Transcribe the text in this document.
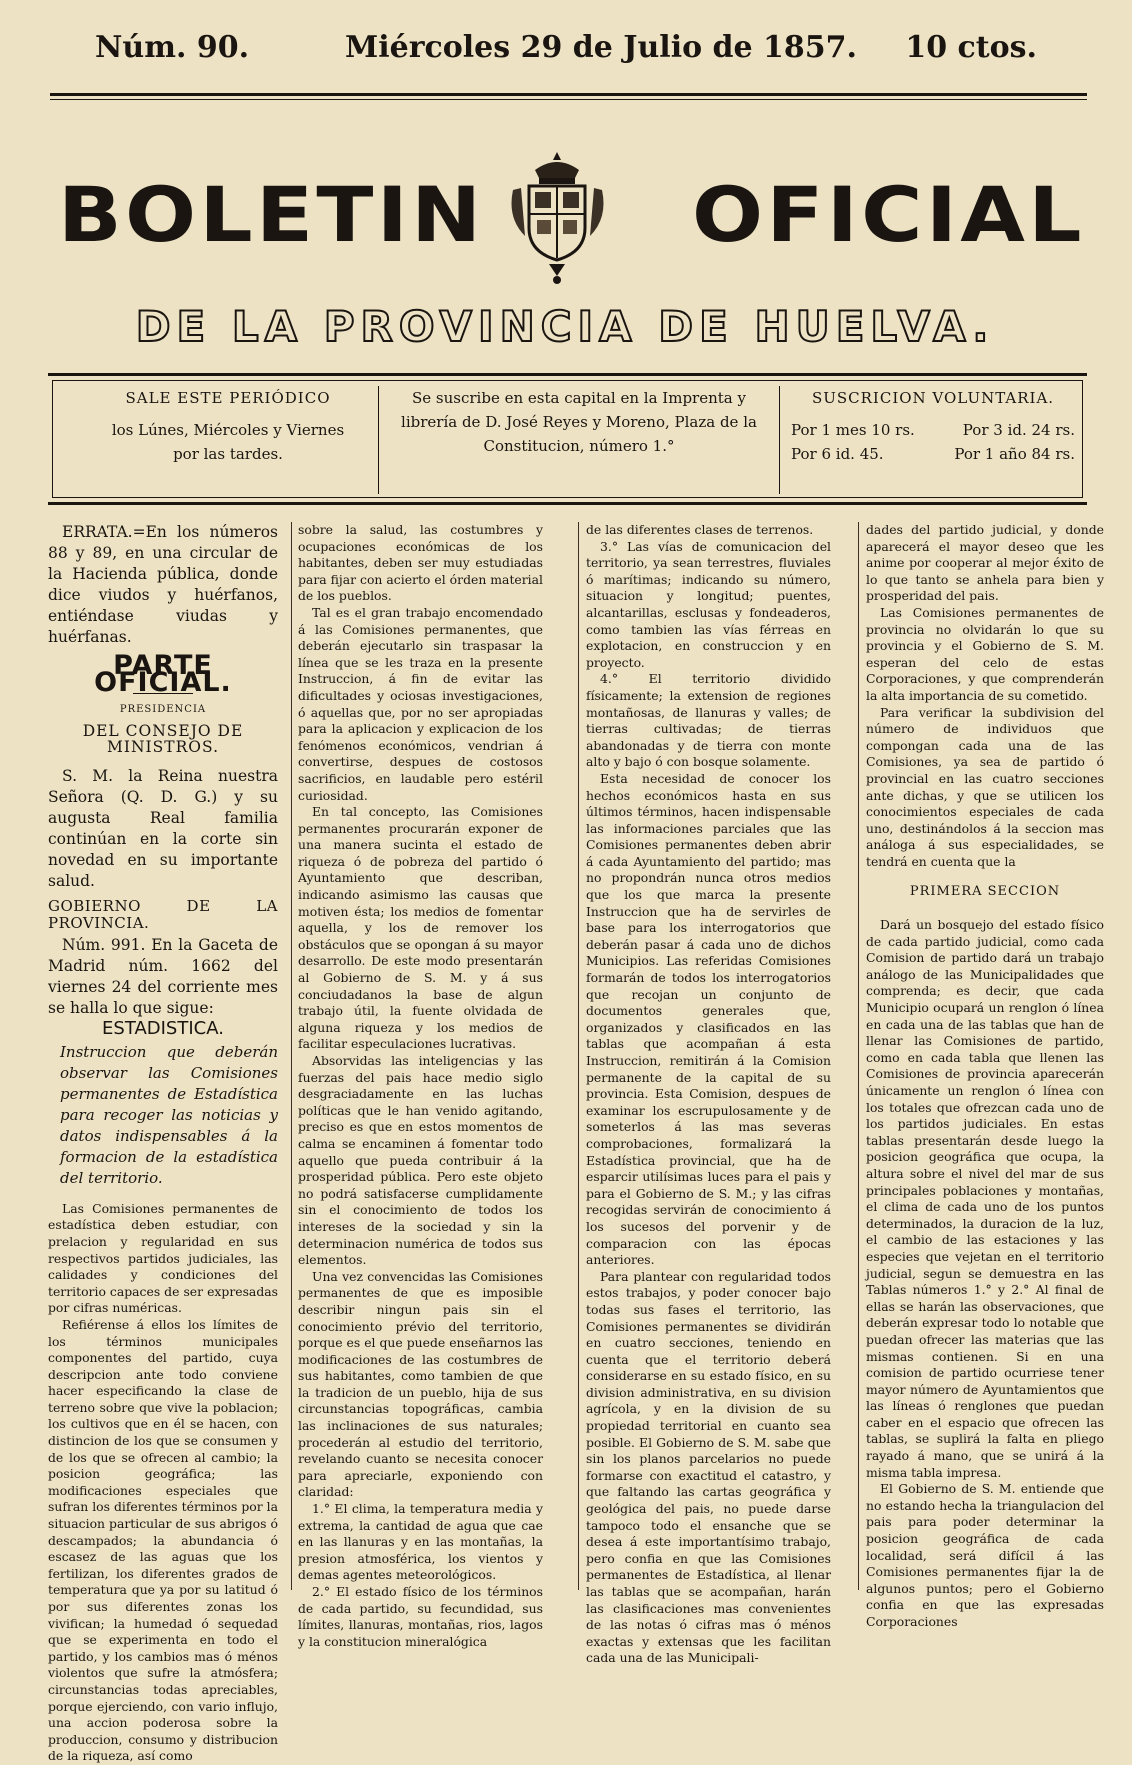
Núm. 90.	Miércoles 29 de Julio de 1857. 10 ctos.
BOLETIN	OFICIAL
DE LA PROVINCIA DE HUELVA.
SALE ESTE PERIÓDICO
los Lúnes, Miércoles y Viernes por las tardes.
Se suscribe en esta capital en la Imprenta y librería de D. José Reyes y Moreno, Plaza de la Constitucion, número 1.°
SUSCRICION VOLUNTARIA.
Por 1 mes 10 rs.	Por 3 id. 24 rs.
Por 6 id. 45.	Por 1 año 84 rs.

ERRATA.=En los números 88 y 89, en una circular de la Hacienda pública, donde dice viudos y huérfanos, entiéndase viudas y huérfanas.

PARTE OFICIAL.
PRESIDENCIA
DEL CONSEJO DE MINISTROS.

S. M. la Reina nuestra Señora (Q. D. G.) y su augusta Real familia continúan en la corte sin novedad en su importante salud.

GOBIERNO DE LA PROVINCIA.

Núm. 991. En la Gaceta de Madrid núm. 1662 del viernes 24 del corriente mes se halla lo que sigue:

ESTADISTICA.

Instruccion que deberán observar las Comisiones permanentes de Estadística para recoger las noticias y datos indispensables á la formacion de la estadística del territorio.

Las Comisiones permanentes de estadística deben estudiar, con prelacion y regularidad en sus respectivos partidos judiciales, las calidades y condiciones del territorio capaces de ser expresadas por cifras numéricas.

Refiérense á ellos los límites de los términos municipales componentes del partido, cuya descripcion ante todo conviene hacer especificando la clase de terreno sobre que vive la poblacion; los cultivos que en él se hacen, con distincion de los que se consumen y de los que se ofrecen al cambio; la posicion geográfica; las modificaciones especiales que sufran los diferentes términos por la situacion particular de sus abrigos ó descampados; la abundancia ó escasez de las aguas que los fertilizan, los diferentes grados de temperatura que ya por su latitud ó por sus diferentes zonas los vivifican; la humedad ó sequedad que se experimenta en todo el partido, y los cambios mas ó ménos violentos que sufre la atmósfera; circunstancias todas apreciables, porque ejerciendo, con vario influjo, una accion poderosa sobre la produccion, consumo y distribucion de la riqueza, así como

sobre la salud, las costumbres y ocupaciones económicas de los habitantes, deben ser muy estudiadas para fijar con acierto el órden material de los pueblos.

Tal es el gran trabajo encomendado á las Comisiones permanentes, que deberán ejecutarlo sin traspasar la línea que se les traza en la presente Instruccion, á fin de evitar las dificultades y ociosas investigaciones, ó aquellas que, por no ser apropiadas para la aplicacion y explicacion de los fenómenos económicos, vendrian á convertirse, despues de costosos sacrificios, en laudable pero estéril curiosidad.

En tal concepto, las Comisiones permanentes procurarán exponer de una manera sucinta el estado de riqueza ó de pobreza del partido ó Ayuntamiento que describan, indicando asimismo las causas que motiven ésta; los medios de fomentar aquella, y los de remover los obstáculos que se opongan á su mayor desarrollo. De este modo presentarán al Gobierno de S. M. y á sus conciudadanos la base de algun trabajo útil, la fuente olvidada de alguna riqueza y los medios de facilitar especulaciones lucrativas.

Absorvidas las inteligencias y las fuerzas del pais hace medio siglo desgraciadamente en las luchas políticas que le han venido agitando, preciso es que en estos momentos de calma se encaminen á fomentar todo aquello que pueda contribuir á la prosperidad pública. Pero este objeto no podrá satisfacerse cumplidamente sin el conocimiento de todos los intereses de la sociedad y sin la determinacion numérica de todos sus elementos.

Una vez convencidas las Comisiones permanentes de que es imposible describir ningun pais sin el conocimiento prévio del territorio, porque es el que puede enseñarnos las modificaciones de las costumbres de sus habitantes, como tambien de que la tradicion de un pueblo, hija de sus circunstancias topográficas, cambia las inclinaciones de sus naturales; procederán al estudio del territorio, revelando cuanto se necesita conocer para apreciarle, exponiendo con claridad:

1.° El clima, la temperatura media y extrema, la cantidad de agua que cae en las llanuras y en las montañas, la presion atmosférica, los vientos y demas agentes meteorológicos.

2.° El estado físico de los términos de cada partido, su fecundidad, sus límites, llanuras, montañas, rios, lagos y la constitucion mineralógica

de las diferentes clases de terrenos.

3.° Las vías de comunicacion del territorio, ya sean terrestres, fluviales ó marítimas; indicando su número, situacion y longitud; puentes, alcantarillas, esclusas y fondeaderos, como tambien las vías férreas en explotacion, en construccion y en proyecto.

4.° El territorio dividido físicamente; la extension de regiones montañosas, de llanuras y valles; de tierras cultivadas; de tierras abandonadas y de tierra con monte alto y bajo ó con bosque solamente.

Esta necesidad de conocer los hechos económicos hasta en sus últimos términos, hacen indispensable las informaciones parciales que las Comisiones permanentes deben abrir á cada Ayuntamiento del partido; mas no propondrán nunca otros medios que los que marca la presente Instruccion que ha de servirles de base para los interrogatorios que deberán pasar á cada uno de dichos Municipios. Las referidas Comisiones formarán de todos los interrogatorios que recojan un conjunto de documentos generales que, organizados y clasificados en las tablas que acompañan á esta Instruccion, remitirán á la Comision permanente de la capital de su provincia. Esta Comision, despues de examinar los escrupulosamente y de someterlos á las mas severas comprobaciones, formalizará la Estadística provincial, que ha de esparcir utilísimas luces para el pais y para el Gobierno de S. M.; y las cifras recogidas servirán de conocimiento á los sucesos del porvenir y de comparacion con las épocas anteriores.

Para plantear con regularidad todos estos trabajos, y poder conocer bajo todas sus fases el territorio, las Comisiones permanentes se dividirán en cuatro secciones, teniendo en cuenta que el territorio deberá considerarse en su estado físico, en su division administrativa, en su division agrícola, y en la division de su propiedad territorial en cuanto sea posible. El Gobierno de S. M. sabe que sin los planos parcelarios no puede formarse con exactitud el catastro, y que faltando las cartas geográfica y geológica del pais, no puede darse tampoco todo el ensanche que se desea á este importantísimo trabajo, pero confia en que las Comisiones permanentes de Estadística, al llenar las tablas que se acompañan, harán las clasificaciones mas convenientes de las notas ó cifras mas ó ménos exactas y extensas que les facilitan cada una de las Municipali-

dades del partido judicial, y donde aparecerá el mayor deseo que les anime por cooperar al mejor éxito de lo que tanto se anhela para bien y prosperidad del pais.

Las Comisiones permanentes de provincia no olvidarán lo que su provincia y el Gobierno de S. M. esperan del celo de estas Corporaciones, y que comprenderán la alta importancia de su cometido.

Para verificar la subdivision del número de individuos que compongan cada una de las Comisiones, ya sea de partido ó provincial en las cuatro secciones ante dichas, y que se utilicen los conocimientos especiales de cada uno, destinándolos á la seccion mas análoga á sus especialidades, se tendrá en cuenta que la

PRIMERA SECCION

Dará un bosquejo del estado físico de cada partido judicial, como cada Comision de partido dará un trabajo análogo de las Municipalidades que comprenda; es decir, que cada Municipio ocupará un renglon ó línea en cada una de las tablas que han de llenar las Comisiones de partido, como en cada tabla que llenen las Comisiones de provincia aparecerán únicamente un renglon ó línea con los totales que ofrezcan cada uno de los partidos judiciales. En estas tablas presentarán desde luego la posicion geográfica que ocupa, la altura sobre el nivel del mar de sus principales poblaciones y montañas, el clima de cada uno de los puntos determinados, la duracion de la luz, el cambio de las estaciones y las especies que vejetan en el territorio judicial, segun se demuestra en las Tablas números 1.° y 2.° Al final de ellas se harán las observaciones, que deberán expresar todo lo notable que puedan ofrecer las materias que las mismas contienen. Si en una comision de partido ocurriese tener mayor número de Ayuntamientos que las líneas ó renglones que puedan caber en el espacio que ofrecen las tablas, se suplirá la falta en pliego rayado á mano, que se unirá á la misma tabla impresa.

El Gobierno de S. M. entiende que no estando hecha la triangulacion del pais para poder determinar la posicion geográfica de cada localidad, será difícil á las Comisiones permanentes fijar la de algunos puntos; pero el Gobierno confia en que las expresadas Corporaciones
